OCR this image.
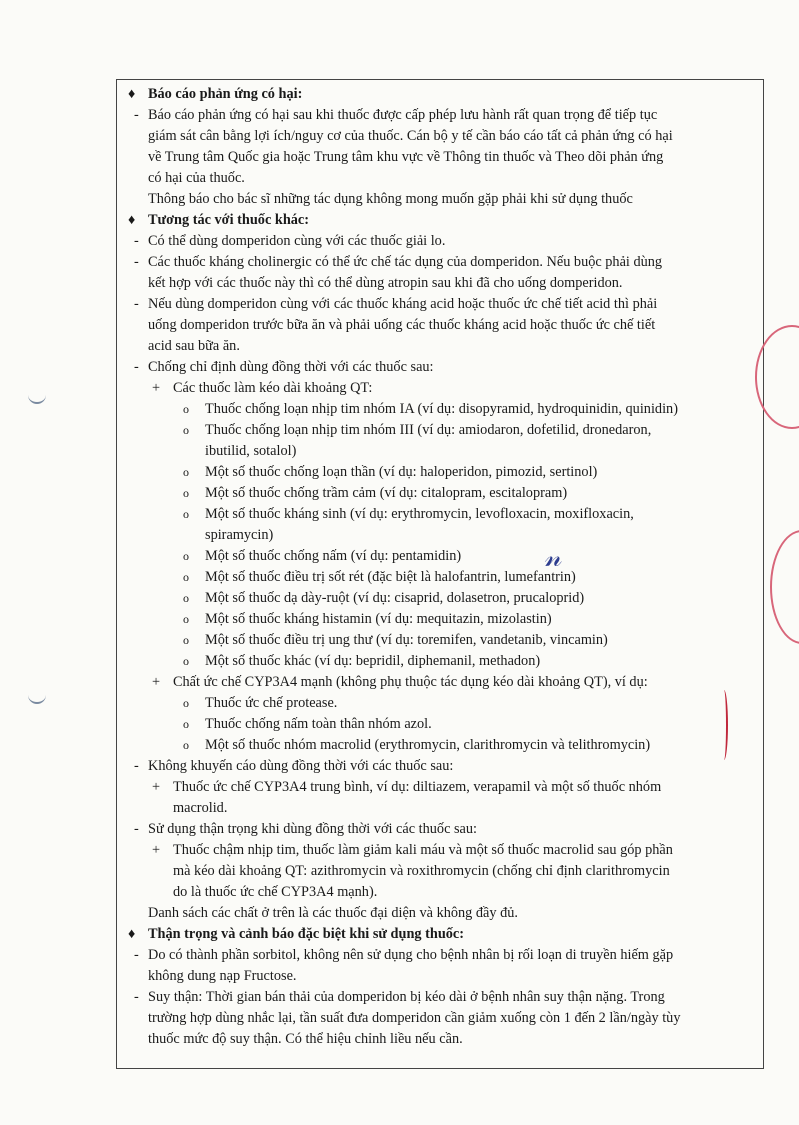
♦ Báo cáo phản ứng có hại:
- Báo cáo phản ứng có hại sau khi thuốc được cấp phép lưu hành rất quan trọng để tiếp tục
giám sát cân bằng lợi ích/nguy cơ của thuốc. Cán bộ y tế cần báo cáo tất cả phản ứng có hại
về Trung tâm Quốc gia hoặc Trung tâm khu vực về Thông tin thuốc và Theo dõi phản ứng
có hại của thuốc.
Thông báo cho bác sĩ những tác dụng không mong muốn gặp phải khi sử dụng thuốc
♦ Tương tác với thuốc khác:
- Có thể dùng domperidon cùng với các thuốc giải lo.
- Các thuốc kháng cholinergic có thể ức chế tác dụng của domperidon. Nếu buộc phải dùng
kết hợp với các thuốc này thì có thể dùng atropin sau khi đã cho uống domperidon.
- Nếu dùng domperidon cùng với các thuốc kháng acid hoặc thuốc ức chế tiết acid thì phải
uống domperidon trước bữa ăn và phải uống các thuốc kháng acid hoặc thuốc ức chế tiết
acid sau bữa ăn.
- Chống chỉ định dùng đồng thời với các thuốc sau:
+ Các thuốc làm kéo dài khoảng QT:
o Thuốc chống loạn nhịp tim nhóm IA (ví dụ: disopyramid, hydroquinidin, quinidin)
o Thuốc chống loạn nhịp tim nhóm III (ví dụ: amiodaron, dofetilid, dronedaron,
ibutilid, sotalol)
o Một số thuốc chống loạn thần (ví dụ: haloperidon, pimozid, sertinol)
o Một số thuốc chống trầm cảm (ví dụ: citalopram, escitalopram)
o Một số thuốc kháng sinh (ví dụ: erythromycin, levofloxacin, moxifloxacin,
spiramycin)
o Một số thuốc chống nấm (ví dụ: pentamidin)
o Một số thuốc điều trị sốt rét (đặc biệt là halofantrin, lumefantrin)
o Một số thuốc dạ dày-ruột (ví dụ: cisaprid, dolasetron, prucaloprid)
o Một số thuốc kháng histamin (ví dụ: mequitazin, mizolastin)
o Một số thuốc điều trị ung thư (ví dụ: toremifen, vandetanib, vincamin)
o Một số thuốc khác (ví dụ: bepridil, diphemanil, methadon)
+ Chất ức chế CYP3A4 mạnh (không phụ thuộc tác dụng kéo dài khoảng QT), ví dụ:
o Thuốc ức chế protease.
o Thuốc chống nấm toàn thân nhóm azol.
o Một số thuốc nhóm macrolid (erythromycin, clarithromycin và telithromycin)
- Không khuyến cáo dùng đồng thời với các thuốc sau:
+ Thuốc ức chế CYP3A4 trung bình, ví dụ: diltiazem, verapamil và một số thuốc nhóm
macrolid.
- Sử dụng thận trọng khi dùng đồng thời với các thuốc sau:
+ Thuốc chậm nhịp tim, thuốc làm giảm kali máu và một số thuốc macrolid sau góp phần
mà kéo dài khoảng QT: azithromycin và roxithromycin (chống chỉ định clarithromycin
do là thuốc ức chế CYP3A4 mạnh).
Danh sách các chất ở trên là các thuốc đại diện và không đầy đủ.
♦ Thận trọng và cảnh báo đặc biệt khi sử dụng thuốc:
- Do có thành phần sorbitol, không nên sử dụng cho bệnh nhân bị rối loạn di truyền hiếm gặp
không dung nạp Fructose.
- Suy thận: Thời gian bán thải của domperidon bị kéo dài ở bệnh nhân suy thận nặng. Trong
trường hợp dùng nhắc lại, tần suất đưa domperidon cần giảm xuống còn 1 đến 2 lần/ngày tùy
thuốc mức độ suy thận. Có thể hiệu chỉnh liều nếu cần.
𝓃
